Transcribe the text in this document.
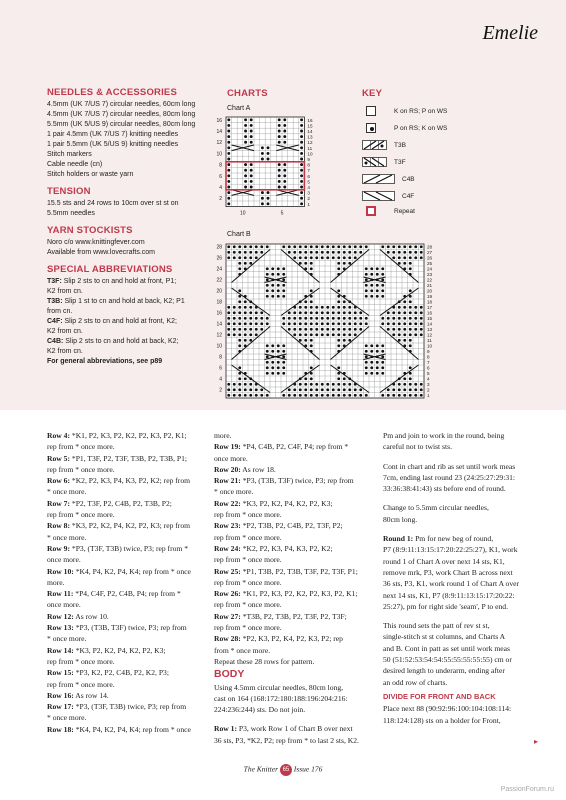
Emelie
NEEDLES & ACCESSORIES
4.5mm (UK 7/US 7) circular needles, 60cm long
4.5mm (UK 7/US 7) circular needles, 80cm long
5.5mm (UK 5/US 9) circular needles, 80cm long
1 pair 4.5mm (UK 7/US 7) knitting needles
1 pair 5.5mm (UK 5/US 9) knitting needles
Stitch markers
Cable needle (cn)
Stitch holders or waste yarn
TENSION
15.5 sts and 24 rows to 10cm over st st on
5.5mm needles
YARN STOCKISTS
Noro c/o www.knittingfever.com
Available from www.lovecrafts.com
SPECIAL ABBREVIATIONS
T3F: Slip 2 sts to cn and hold at front, P1;
K2 from cn.
T3B: Slip 1 st to cn and hold at back, K2; P1
from cn.
C4F: Slip 2 sts to cn and hold at front, K2;
K2 from cn.
C4B: Slip 2 sts to cn and hold at back, K2;
K2 from cn.
For general abbreviations, see p89
CHARTS
Chart A
16
14
12
10
8
6
4
2
16
15
14
13
12
11
10
9
8
7
6
5
4
3
2
1
10	5
Chart B
28
26
24
22
20
18
16
14
12
10
8
6
4
2
28
27
26
25
24
23
22
21
20
19
18
17
16
15
14
13
12
11
10
9
8
7
6
5
4
3
2
1
KEY
K on RS; P on WS
P on RS; K on WS
T3B
T3F
C4B
C4F
Repeat
Row 4: *K1, P2, K3, P2, K2, P2, K3, P2, K1;
rep from * once more.
Row 5: *P1, T3F, P2, T3F, T3B, P2, T3B, P1;
rep from * once more.
Row 6: *K2, P2, K3, P4, K3, P2, K2; rep from
* once more.
Row 7: *P2, T3F, P2, C4B, P2, T3B, P2;
rep from * once more.
Row 8: *K3, P2, K2, P4, K2, P2, K3; rep from
* once more.
Row 9: *P3, (T3F, T3B) twice, P3; rep from *
once more.
Row 10: *K4, P4, K2, P4, K4; rep from * once
more.
Row 11: *P4, C4F, P2, C4B, P4; rep from *
once more.
Row 12: As row 10.
Row 13: *P3, (T3B, T3F) twice, P3; rep from
* once more.
Row 14: *K3, P2, K2, P4, K2, P2, K3;
rep from * once more.
Row 15: *P3, K2, P2, C4B, P2, K2, P3;
rep from * once more.
Row 16: As row 14.
Row 17: *P3, (T3F, T3B) twice, P3; rep from
* once more.
Row 18: *K4, P4, K2, P4, K4; rep from * once
more.
Row 19: *P4, C4B, P2, C4F, P4; rep from *
once more.
Row 20: As row 18.
Row 21: *P3, (T3B, T3F) twice, P3; rep from
* once more.
Row 22: *K3, P2, K2, P4, K2, P2, K3;
rep from * once more.
Row 23: *P2, T3B, P2, C4B, P2, T3F, P2;
rep from * once more.
Row 24: *K2, P2, K3, P4, K3, P2, K2;
rep from * once more.
Row 25: *P1, T3B, P2, T3B, T3F, P2, T3F, P1;
rep from * once more.
Row 26: *K1, P2, K3, P2, K2, P2, K3, P2, K1;
rep from * once more.
Row 27: *T3B, P2, T3B, P2, T3F, P2, T3F;
rep from * once more.
Row 28: *P2, K3, P2, K4, P2, K3, P2; rep
from * once more.
Repeat these 28 rows for pattern.
BODY
Using 4.5mm circular needles, 80cm long,
cast on 164 (168:172:180:188:196:204:216:
224:236:244) sts. Do not join.
Row 1: P3, work Row 1 of Chart B over next
36 sts, P3, *K2, P2; rep from * to last 2 sts, K2.
Pm and join to work in the round, being
careful not to twist sts.
Cont in chart and rib as set until work meas
7cm, ending last round 23 (24:25:27:29:31:
33:36:38:41:43) sts before end of round.
Change to 5.5mm circular needles,
80cm long.
Round 1: Pm for new beg of round,
P7 (8:9:11:13:15:17:20:22:25:27), K1, work
round 1 of Chart A over next 14 sts, K1,
remove mrk, P3, work Chart B across next
36 sts, P3, K1, work round 1 of Chart A over
next 14 sts, K1, P7 (8:9:11:13:15:17:20:22:
25:27), pm for right side 'seam', P to end.
This round sets the patt of rev st st,
single-stitch st st columns, and Charts A
and B. Cont in patt as set until work meas
50 (51:52:53:54:54:55:55:55:55:55) cm or
desired length to underarm, ending after
an odd row of charts.
DIVIDE FOR FRONT AND BACK
Place next 88 (90:92:96:100:104:108:114:
118:124:128) sts on a holder for Front,
▸
The Knitter 65 Issue 176
PassionForum.ru
